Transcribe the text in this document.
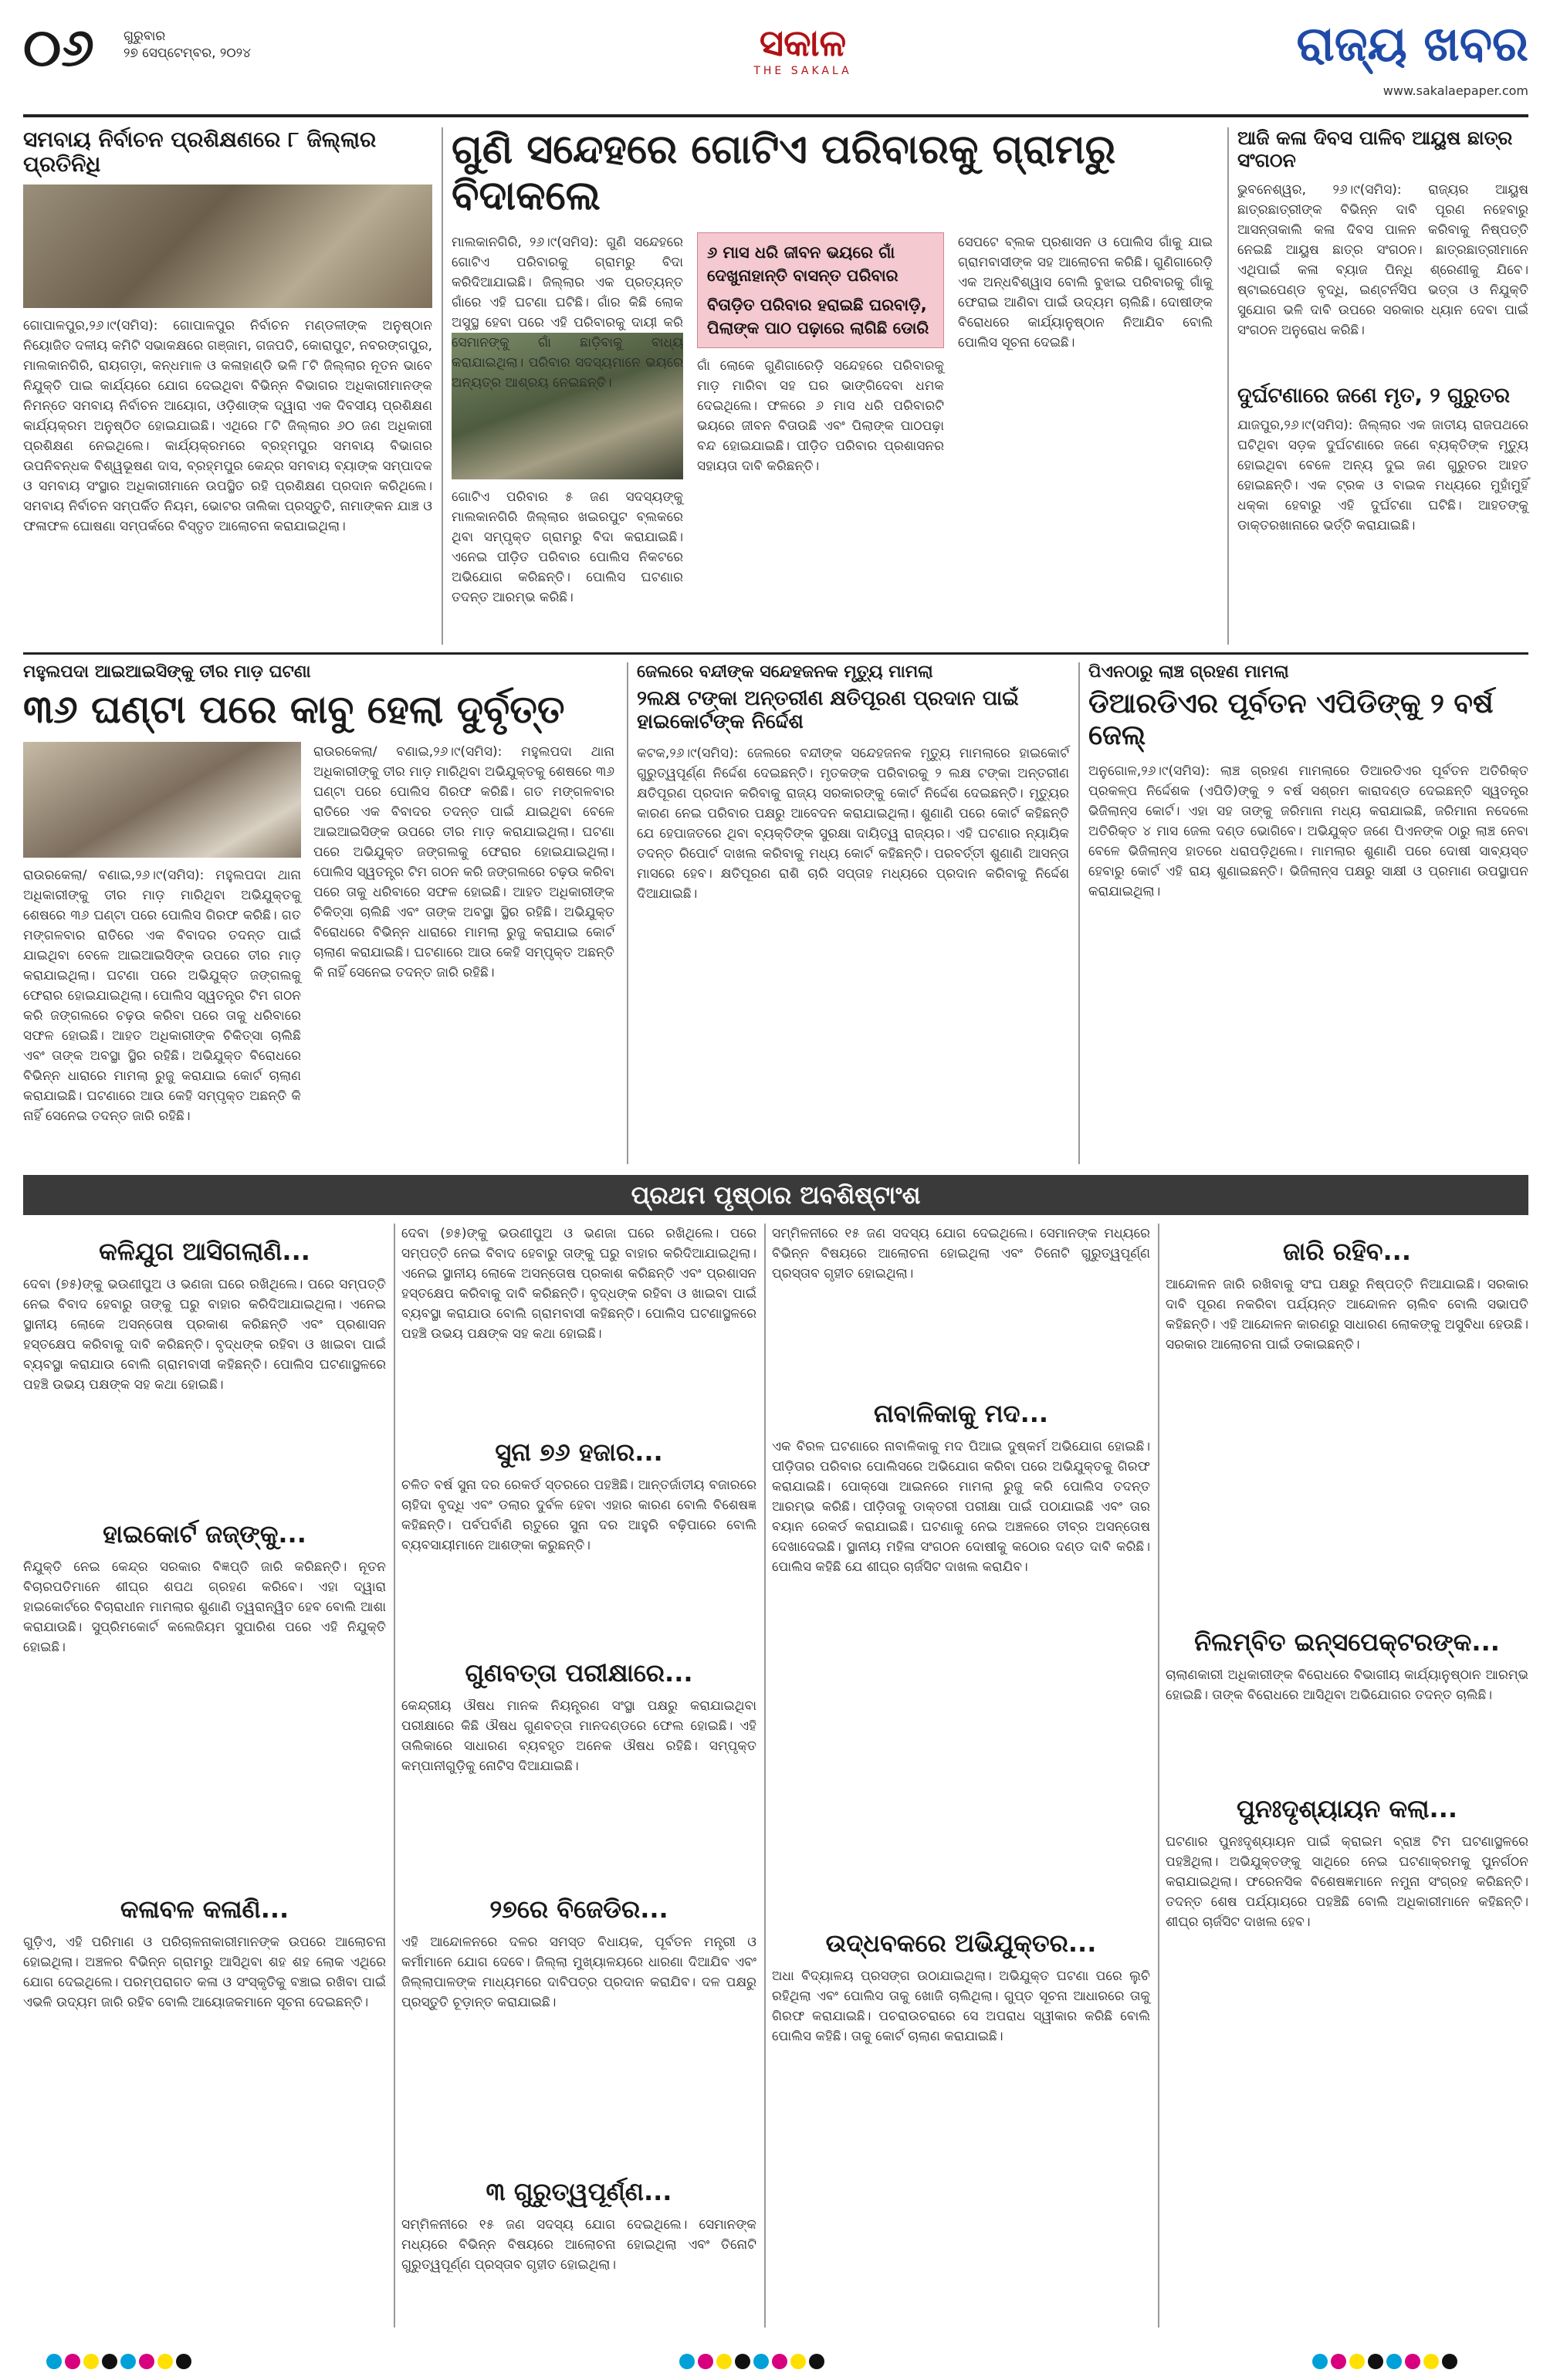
୦୬ ଗୁରୁବାର
୨୭ ସେପ୍ଟେମ୍ବର, ୨୦୨୪	ସକାଳ
THE SAKALA	ରାଜ୍ୟ ଖବର
www.sakalaepaper.com
ସମବାୟ ନିର୍ବାଚନ ପ୍ରଶିକ୍ଷଣରେ ୮ ଜିଲ୍ଲାର ପ୍ରତିନିଧି
ଗୋପାଳପୁର,୨୬।୯(ସମିସ): ଗୋପାଳପୁର ନିର୍ବାଚନ ମଣ୍ଡଳୀଙ୍କ ଅନୁଷ୍ଠାନ ନିୟୋଜିତ ଦଳୀୟ କମିଟି ସଭାକକ୍ଷରେ ଗଞ୍ଜାମ, ଗଜପତି, କୋରାପୁଟ, ନବରଙ୍ଗପୁର, ମାଲକାନଗିରି, ରାୟଗଡ଼ା, କନ୍ଧମାଳ ଓ କଳାହାଣ୍ଡି ଭଳି ୮ଟି ଜିଲ୍ଲାର ନୂତନ ଭାବେ ନିଯୁକ୍ତି ପାଇ କାର୍ଯ୍ୟରେ ଯୋଗ ଦେଇଥିବା ବିଭିନ୍ନ ବିଭାଗର ଅଧିକାରୀମାନଙ୍କ ନିମନ୍ତେ ସମବାୟ ନିର୍ବାଚନ ଆୟୋଗ, ଓଡ଼ିଶାଙ୍କ ଦ୍ୱାରା ଏକ ଦିବସୀୟ ପ୍ରଶିକ୍ଷଣ କାର୍ଯ୍ୟକ୍ରମ ଅନୁଷ୍ଠିତ ହୋଇଯାଇଛି। ଏଥିରେ ୮ଟି ଜିଲ୍ଲାର ୬୦ ଜଣ ଅଧିକାରୀ ପ୍ରଶିକ୍ଷଣ ନେଇଥିଲେ। କାର୍ଯ୍ୟକ୍ରମରେ ବ୍ରହ୍ମପୁର ସମବାୟ ବିଭାଗର ଉପନିବନ୍ଧକ ବିଶ୍ୱଭୂଷଣ ଦାସ, ବ୍ରହ୍ମପୁର କେନ୍ଦ୍ର ସମବାୟ ବ୍ୟାଙ୍କ ସମ୍ପାଦକ ଓ ସମବାୟ ସଂସ୍ଥାର ଅଧିକାରୀମାନେ ଉପସ୍ଥିତ ରହି ପ୍ରଶିକ୍ଷଣ ପ୍ରଦାନ କରିଥିଲେ। ସମବାୟ ନିର୍ବାଚନ ସମ୍ପର୍କିତ ନିୟମ, ଭୋଟର ତାଲିକା ପ୍ରସ୍ତୁତି, ନାମାଙ୍କନ ଯାଞ୍ଚ ଓ ଫଳାଫଳ ଘୋଷଣା ସମ୍ପର୍କରେ ବିସ୍ତୃତ ଆଲୋଚନା କରାଯାଇଥିଲା।
ଗୁଣି ସନ୍ଦେହରେ ଗୋଟିଏ ପରିବାରକୁ ଗ୍ରାମରୁ ବିଦାକଲେ
ମାଲକାନଗିରି, ୨୬।୯(ସମିସ): ଗୁଣି ସନ୍ଦେହରେ ଗୋଟିଏ ପରିବାରକୁ ଗ୍ରାମରୁ ବିଦା କରିଦିଆଯାଇଛି। ଜିଲ୍ଲାର ଏକ ପ୍ରତ୍ୟନ୍ତ ଗାଁରେ ଏହି ଘଟଣା ଘଟିଛି। ଗାଁର କିଛି ଲୋକ ଅସୁସ୍ଥ ହେବା ପରେ ଏହି ପରିବାରକୁ ଦାୟୀ କରି ସେମାନଙ୍କୁ ଗାଁ ଛାଡ଼ିବାକୁ ବାଧ୍ୟ କରାଯାଇଥିଲା। ପରିବାର ସଦସ୍ୟମାନେ ଭୟରେ ଅନ୍ୟତ୍ର ଆଶ୍ରୟ ନେଇଛନ୍ତି।
ଗୋଟିଏ ପରିବାର ୫ ଜଣ ସଦସ୍ୟଙ୍କୁ ମାଲକାନଗିରି ଜିଲ୍ଲାର ଖଇରପୁଟ ବ୍ଲକରେ ଥିବା ସମ୍ପୃକ୍ତ ଗ୍ରାମରୁ ବିଦା କରାଯାଇଛି। ଏନେଇ ପୀଡ଼ିତ ପରିବାର ପୋଲିସ ନିକଟରେ ଅଭିଯୋଗ କରିଛନ୍ତି। ପୋଲିସ ଘଟଣାର ତଦନ୍ତ ଆରମ୍ଭ କରିଛି।
୬ ମାସ ଧରି ଜୀବନ ଭୟରେ ଗାଁ ଦେଖୁନାହାନ୍ତି ବାସନ୍ତ ପରିବାର
ବିତାଡ଼ିତ ପରିବାର ହରାଇଛି ଘରବାଡ଼ି, ପିଲାଙ୍କ ପାଠ ପଢ଼ାରେ ଲାଗିଛି ଡୋରି
ଗାଁ ଲୋକେ ଗୁଣିଗାରେଡ଼ି ସନ୍ଦେହରେ ପରିବାରକୁ ମାଡ଼ ମାରିବା ସହ ଘର ଭାଙ୍ଗିଦେବା ଧମକ ଦେଇଥିଲେ। ଫଳରେ ୬ ମାସ ଧରି ପରିବାରଟି ଭୟରେ ଜୀବନ ବିତାଉଛି ଏବଂ ପିଲାଙ୍କ ପାଠପଢ଼ା ବନ୍ଦ ହୋଇଯାଇଛି। ପୀଡ଼ିତ ପରିବାର ପ୍ରଶାସନର ସହାୟତା ଦାବି କରିଛନ୍ତି।
ସେପଟେ ବ୍ଲକ ପ୍ରଶାସନ ଓ ପୋଲିସ ଗାଁକୁ ଯାଇ ଗ୍ରାମବାସୀଙ୍କ ସହ ଆଲୋଚନା କରିଛି। ଗୁଣିଗାରେଡ଼ି ଏକ ଅନ୍ଧବିଶ୍ୱାସ ବୋଲି ବୁଝାଇ ପରିବାରକୁ ଗାଁକୁ ଫେରାଇ ଆଣିବା ପାଇଁ ଉଦ୍ୟମ ଚାଲିଛି। ଦୋଷୀଙ୍କ ବିରୋଧରେ କାର୍ଯ୍ୟାନୁଷ୍ଠାନ ନିଆଯିବ ବୋଲି ପୋଲିସ ସୂଚନା ଦେଇଛି।
ଆଜି କଳା ଦିବସ ପାଳିବ ଆୟୁଷ ଛାତ୍ର ସଂଗଠନ
ଭୁବନେଶ୍ୱର, ୨୬।୯(ସମିସ): ରାଜ୍ୟର ଆୟୁଷ ଛାତ୍ରଛାତ୍ରୀଙ୍କ ବିଭିନ୍ନ ଦାବି ପୂରଣ ନହେବାରୁ ଆସନ୍ତାକାଲି କଳା ଦିବସ ପାଳନ କରିବାକୁ ନିଷ୍ପତ୍ତି ନେଇଛି ଆୟୁଷ ଛାତ୍ର ସଂଗଠନ। ଛାତ୍ରଛାତ୍ରୀମାନେ ଏଥିପାଇଁ କଳା ବ୍ୟାଜ ପିନ୍ଧି ଶ୍ରେଣୀକୁ ଯିବେ। ଷ୍ଟାଇପେଣ୍ଡ ବୃଦ୍ଧି, ଇଣ୍ଟର୍ନସିପ ଭତ୍ତା ଓ ନିଯୁକ୍ତି ସୁଯୋଗ ଭଳି ଦାବି ଉପରେ ସରକାର ଧ୍ୟାନ ଦେବା ପାଇଁ ସଂଗଠନ ଅନୁରୋଧ କରିଛି।
ଦୁର୍ଘଟଣାରେ ଜଣେ ମୃତ, ୨ ଗୁରୁତର
ଯାଜପୁର,୨୬।୯(ସମିସ): ଜିଲ୍ଲାର ଏକ ଜାତୀୟ ରାଜପଥରେ ଘଟିଥିବା ସଡ଼କ ଦୁର୍ଘଟଣାରେ ଜଣେ ବ୍ୟକ୍ତିଙ୍କ ମୃତ୍ୟୁ ହୋଇଥିବା ବେଳେ ଅନ୍ୟ ଦୁଇ ଜଣ ଗୁରୁତର ଆହତ ହୋଇଛନ୍ତି। ଏକ ଟ୍ରକ ଓ ବାଇକ ମଧ୍ୟରେ ମୁହାଁମୁହିଁ ଧକ୍କା ହେବାରୁ ଏହି ଦୁର୍ଘଟଣା ଘଟିଛି। ଆହତଙ୍କୁ ଡାକ୍ତରଖାନାରେ ଭର୍ତ୍ତି କରାଯାଇଛି।
ମହୁଲପଦା ଆଇଆଇସିଙ୍କୁ ତୀର ମାଡ଼ ଘଟଣା
୩୬ ଘଣ୍ଟା ପରେ କାବୁ ହେଲା ଦୁର୍ବୃତ୍ତ
ରାଉରକେଲା/ ବଣାଇ,୨୬।୯(ସମିସ): ମହୁଲପଦା ଥାନା ଅଧିକାରୀଙ୍କୁ ତୀର ମାଡ଼ ମାରିଥିବା ଅଭିଯୁକ୍ତକୁ ଶେଷରେ ୩୬ ଘଣ୍ଟା ପରେ ପୋଲିସ ଗିରଫ କରିଛି। ଗତ ମଙ୍ଗଳବାର ରାତିରେ ଏକ ବିବାଦର ତଦନ୍ତ ପାଇଁ ଯାଇଥିବା ବେଳେ ଆଇଆଇସିଙ୍କ ଉପରେ ତୀର ମାଡ଼ କରାଯାଇଥିଲା। ଘଟଣା ପରେ ଅଭିଯୁକ୍ତ ଜଙ୍ଗଲକୁ ଫେରାର ହୋଇଯାଇଥିଲା। ପୋଲିସ ସ୍ୱତନ୍ତ୍ର ଟିମ ଗଠନ କରି ଜଙ୍ଗଲରେ ଚଢ଼ଉ କରିବା ପରେ ତାକୁ ଧରିବାରେ ସଫଳ ହୋଇଛି। ଆହତ ଅଧିକାରୀଙ୍କ ଚିକିତ୍ସା ଚାଲିଛି ଏବଂ ତାଙ୍କ ଅବସ୍ଥା ସ୍ଥିର ରହିଛି। ଅଭିଯୁକ୍ତ ବିରୋଧରେ ବିଭିନ୍ନ ଧାରାରେ ମାମଲା ରୁଜୁ କରାଯାଇ କୋର୍ଟ ଚାଲାଣ କରାଯାଇଛି। ଘଟଣାରେ ଆଉ କେହି ସମ୍ପୃକ୍ତ ଅଛନ୍ତି କି ନାହିଁ ସେନେଇ ତଦନ୍ତ ଜାରି ରହିଛି।
ରାଉରକେଲା/ ବଣାଇ,୨୬।୯(ସମିସ): ମହୁଲପଦା ଥାନା ଅଧିକାରୀଙ୍କୁ ତୀର ମାଡ଼ ମାରିଥିବା ଅଭିଯୁକ୍ତକୁ ଶେଷରେ ୩୬ ଘଣ୍ଟା ପରେ ପୋଲିସ ଗିରଫ କରିଛି। ଗତ ମଙ୍ଗଳବାର ରାତିରେ ଏକ ବିବାଦର ତଦନ୍ତ ପାଇଁ ଯାଇଥିବା ବେଳେ ଆଇଆଇସିଙ୍କ ଉପରେ ତୀର ମାଡ଼ କରାଯାଇଥିଲା। ଘଟଣା ପରେ ଅଭିଯୁକ୍ତ ଜଙ୍ଗଲକୁ ଫେରାର ହୋଇଯାଇଥିଲା। ପୋଲିସ ସ୍ୱତନ୍ତ୍ର ଟିମ ଗଠନ କରି ଜଙ୍ଗଲରେ ଚଢ଼ଉ କରିବା ପରେ ତାକୁ ଧରିବାରେ ସଫଳ ହୋଇଛି। ଆହତ ଅଧିକାରୀଙ୍କ ଚିକିତ୍ସା ଚାଲିଛି ଏବଂ ତାଙ୍କ ଅବସ୍ଥା ସ୍ଥିର ରହିଛି। ଅଭିଯୁକ୍ତ ବିରୋଧରେ ବିଭିନ୍ନ ଧାରାରେ ମାମଲା ରୁଜୁ କରାଯାଇ କୋର୍ଟ ଚାଲାଣ କରାଯାଇଛି। ଘଟଣାରେ ଆଉ କେହି ସମ୍ପୃକ୍ତ ଅଛନ୍ତି କି ନାହିଁ ସେନେଇ ତଦନ୍ତ ଜାରି ରହିଛି।
ଜେଲରେ ବନ୍ଦୀଙ୍କ ସନ୍ଦେହଜନକ ମୃତ୍ୟୁ ମାମଲା
୨ଲକ୍ଷ ଟଙ୍କା ଅନ୍ତରୀଣ କ୍ଷତିପୂରଣ ପ୍ରଦାନ ପାଇଁ ହାଇକୋର୍ଟଙ୍କ ନିର୍ଦ୍ଦେଶ
କଟକ,୨୬।୯(ସମିସ): ଜେଲରେ ବନ୍ଦୀଙ୍କ ସନ୍ଦେହଜନକ ମୃତ୍ୟୁ ମାମଲାରେ ହାଇକୋର୍ଟ ଗୁରୁତ୍ୱପୂର୍ଣ୍ଣ ନିର୍ଦ୍ଦେଶ ଦେଇଛନ୍ତି। ମୃତକଙ୍କ ପରିବାରକୁ ୨ ଲକ୍ଷ ଟଙ୍କା ଅନ୍ତରୀଣ କ୍ଷତିପୂରଣ ପ୍ରଦାନ କରିବାକୁ ରାଜ୍ୟ ସରକାରଙ୍କୁ କୋର୍ଟ ନିର୍ଦ୍ଦେଶ ଦେଇଛନ୍ତି। ମୃତ୍ୟୁର କାରଣ ନେଇ ପରିବାର ପକ୍ଷରୁ ଆବେଦନ କରାଯାଇଥିଲା। ଶୁଣାଣି ପରେ କୋର୍ଟ କହିଛନ୍ତି ଯେ ହେପାଜତରେ ଥିବା ବ୍ୟକ୍ତିଙ୍କ ସୁରକ୍ଷା ଦାୟିତ୍ୱ ରାଜ୍ୟର। ଏହି ଘଟଣାର ନ୍ୟାୟିକ ତଦନ୍ତ ରିପୋର୍ଟ ଦାଖଲ କରିବାକୁ ମଧ୍ୟ କୋର୍ଟ କହିଛନ୍ତି। ପରବର୍ତ୍ତୀ ଶୁଣାଣି ଆସନ୍ତା ମାସରେ ହେବ। କ୍ଷତିପୂରଣ ରାଶି ଚାରି ସପ୍ତାହ ମଧ୍ୟରେ ପ୍ରଦାନ କରିବାକୁ ନିର୍ଦ୍ଦେଶ ଦିଆଯାଇଛି।
ପିଏନଠାରୁ ଲାଞ୍ଚ ଗ୍ରହଣ ମାମଲା
ଡିଆରଡିଏର ପୂର୍ବତନ ଏପିଡିଙ୍କୁ ୨ ବର୍ଷ ଜେଲ୍
ଅନୁଗୋଳ,୨୬।୯(ସମିସ): ଲାଞ୍ଚ ଗ୍ରହଣ ମାମଲାରେ ଡିଆରଡିଏର ପୂର୍ବତନ ଅତିରିକ୍ତ ପ୍ରକଳ୍ପ ନିର୍ଦ୍ଦେଶକ (ଏପିଡି)ଙ୍କୁ ୨ ବର୍ଷ ସଶ୍ରମ କାରାଦଣ୍ଡ ଦେଇଛନ୍ତି ସ୍ୱତନ୍ତ୍ର ଭିଜିଲାନ୍ସ କୋର୍ଟ। ଏହା ସହ ତାଙ୍କୁ ଜରିମାନା ମଧ୍ୟ କରାଯାଇଛି, ଜରିମାନା ନଦେଲେ ଅତିରିକ୍ତ ୪ ମାସ ଜେଲ ଦଣ୍ଡ ଭୋଗିବେ। ଅଭିଯୁକ୍ତ ଜଣେ ପିଏନଙ୍କ ଠାରୁ ଲାଞ୍ଚ ନେବା ବେଳେ ଭିଜିଲାନ୍ସ ହାତରେ ଧରାପଡ଼ିଥିଲେ। ମାମଲାର ଶୁଣାଣି ପରେ ଦୋଷୀ ସାବ୍ୟସ୍ତ ହେବାରୁ କୋର୍ଟ ଏହି ରାୟ ଶୁଣାଇଛନ୍ତି। ଭିଜିଲାନ୍ସ ପକ୍ଷରୁ ସାକ୍ଷୀ ଓ ପ୍ରମାଣ ଉପସ୍ଥାପନ କରାଯାଇଥିଲା।
ପ୍ରଥମ ପୃଷ୍ଠାର ଅବଶିଷ୍ଟାଂଶ
କଳିଯୁଗ ଆସିଗଲାଣି...
ଦେବା (୭୫)ଙ୍କୁ ଭଉଣୀପୁଅ ଓ ଭଣଜା ଘରେ ରଖିଥିଲେ। ପରେ ସମ୍ପତ୍ତି ନେଇ ବିବାଦ ହେବାରୁ ତାଙ୍କୁ ଘରୁ ବାହାର କରିଦିଆଯାଇଥିଲା। ଏନେଇ ସ୍ଥାନୀୟ ଲୋକେ ଅସନ୍ତୋଷ ପ୍ରକାଶ କରିଛନ୍ତି ଏବଂ ପ୍ରଶାସନ ହସ୍ତକ୍ଷେପ କରିବାକୁ ଦାବି କରିଛନ୍ତି। ବୃଦ୍ଧଙ୍କ ରହିବା ଓ ଖାଇବା ପାଇଁ ବ୍ୟବସ୍ଥା କରାଯାଉ ବୋଲି ଗ୍ରାମବାସୀ କହିଛନ୍ତି। ପୋଲିସ ଘଟଣାସ୍ଥଳରେ ପହଞ୍ଚି ଉଭୟ ପକ୍ଷଙ୍କ ସହ କଥା ହୋଇଛି।
ହାଇକୋର୍ଟ ଜଜ୍‌ଙ୍କୁ...
ନିଯୁକ୍ତି ନେଇ କେନ୍ଦ୍ର ସରକାର ବିଜ୍ଞପ୍ତି ଜାରି କରିଛନ୍ତି। ନୂତନ ବିଚାରପତିମାନେ ଶୀଘ୍ର ଶପଥ ଗ୍ରହଣ କରିବେ। ଏହା ଦ୍ୱାରା ହାଇକୋର୍ଟରେ ବିଚାରାଧୀନ ମାମଲାର ଶୁଣାଣି ତ୍ୱରାନ୍ୱିତ ହେବ ବୋଲି ଆଶା କରାଯାଉଛି। ସୁପ୍ରିମକୋର୍ଟ କଲେଜିୟମ ସୁପାରିଶ ପରେ ଏହି ନିଯୁକ୍ତି ହୋଇଛି।
କଳାବଳ କଳାଣି...
ଗୁଡ଼ିଏ, ଏହି ପରିମାଣ ଓ ପରିଚାଳନାକାରୀମାନଙ୍କ ଉପରେ ଆଲୋଚନା ହୋଇଥିଲା। ଅଞ୍ଚଳର ବିଭିନ୍ନ ଗ୍ରାମରୁ ଆସିଥିବା ଶହ ଶହ ଲୋକ ଏଥିରେ ଯୋଗ ଦେଇଥିଲେ। ପରମ୍ପରାଗତ କଳା ଓ ସଂସ୍କୃତିକୁ ବଞ୍ଚାଇ ରଖିବା ପାଇଁ ଏଭଳି ଉଦ୍ୟମ ଜାରି ରହିବ ବୋଲି ଆୟୋଜକମାନେ ସୂଚନା ଦେଇଛନ୍ତି।
ଦେବା (୭୫)ଙ୍କୁ ଭଉଣୀପୁଅ ଓ ଭଣଜା ଘରେ ରଖିଥିଲେ। ପରେ ସମ୍ପତ୍ତି ନେଇ ବିବାଦ ହେବାରୁ ତାଙ୍କୁ ଘରୁ ବାହାର କରିଦିଆଯାଇଥିଲା। ଏନେଇ ସ୍ଥାନୀୟ ଲୋକେ ଅସନ୍ତୋଷ ପ୍ରକାଶ କରିଛନ୍ତି ଏବଂ ପ୍ରଶାସନ ହସ୍ତକ୍ଷେପ କରିବାକୁ ଦାବି କରିଛନ୍ତି। ବୃଦ୍ଧଙ୍କ ରହିବା ଓ ଖାଇବା ପାଇଁ ବ୍ୟବସ୍ଥା କରାଯାଉ ବୋଲି ଗ୍ରାମବାସୀ କହିଛନ୍ତି। ପୋଲିସ ଘଟଣାସ୍ଥଳରେ ପହଞ୍ଚି ଉଭୟ ପକ୍ଷଙ୍କ ସହ କଥା ହୋଇଛି।
ସୁନା ୭୬ ହଜାର...
ଚଳିତ ବର୍ଷ ସୁନା ଦର ରେକର୍ଡ ସ୍ତରରେ ପହଞ୍ଚିଛି। ଆନ୍ତର୍ଜାତୀୟ ବଜାରରେ ଚାହିଦା ବୃଦ୍ଧି ଏବଂ ଡଲାର ଦୁର୍ବଳ ହେବା ଏହାର କାରଣ ବୋଲି ବିଶେଷଜ୍ଞ କହିଛନ୍ତି। ପର୍ବପର୍ବାଣି ଋତୁରେ ସୁନା ଦର ଆହୁରି ବଢ଼ିପାରେ ବୋଲି ବ୍ୟବସାୟୀମାନେ ଆଶଙ୍କା କରୁଛନ୍ତି।
ଗୁଣବତ୍ତା ପରୀକ୍ଷାରେ...
କେନ୍ଦ୍ରୀୟ ଔଷଧ ମାନକ ନିୟନ୍ତ୍ରଣ ସଂସ୍ଥା ପକ୍ଷରୁ କରାଯାଇଥିବା ପରୀକ୍ଷାରେ କିଛି ଔଷଧ ଗୁଣବତ୍ତା ମାନଦଣ୍ଡରେ ଫେଲ ହୋଇଛି। ଏହି ତାଲିକାରେ ସାଧାରଣ ବ୍ୟବହୃତ ଅନେକ ଔଷଧ ରହିଛି। ସମ୍ପୃକ୍ତ କମ୍ପାନୀଗୁଡ଼ିକୁ ନୋଟିସ ଦିଆଯାଇଛି।
୨୭ରେ ବିଜେଡିର...
ଏହି ଆନ୍ଦୋଳନରେ ଦଳର ସମସ୍ତ ବିଧାୟକ, ପୂର୍ବତନ ମନ୍ତ୍ରୀ ଓ କର୍ମୀମାନେ ଯୋଗ ଦେବେ। ଜିଲ୍ଲା ମୁଖ୍ୟାଳୟରେ ଧାରଣା ଦିଆଯିବ ଏବଂ ଜିଲ୍ଲାପାଳଙ୍କ ମାଧ୍ୟମରେ ଦାବିପତ୍ର ପ୍ରଦାନ କରାଯିବ। ଦଳ ପକ୍ଷରୁ ପ୍ରସ୍ତୁତି ଚୂଡ଼ାନ୍ତ କରାଯାଇଛି।
୩ ଗୁରୁତ୍ୱପୂର୍ଣ୍ଣ...
ସମ୍ମିଳନୀରେ ୧୫ ଜଣ ସଦସ୍ୟ ଯୋଗ ଦେଇଥିଲେ। ସେମାନଙ୍କ ମଧ୍ୟରେ ବିଭିନ୍ନ ବିଷୟରେ ଆଲୋଚନା ହୋଇଥିଲା ଏବଂ ତିନୋଟି ଗୁରୁତ୍ୱପୂର୍ଣ୍ଣ ପ୍ରସ୍ତାବ ଗୃହୀତ ହୋଇଥିଲା।
ସମ୍ମିଳନୀରେ ୧୫ ଜଣ ସଦସ୍ୟ ଯୋଗ ଦେଇଥିଲେ। ସେମାନଙ୍କ ମଧ୍ୟରେ ବିଭିନ୍ନ ବିଷୟରେ ଆଲୋଚନା ହୋଇଥିଲା ଏବଂ ତିନୋଟି ଗୁରୁତ୍ୱପୂର୍ଣ୍ଣ ପ୍ରସ୍ତାବ ଗୃହୀତ ହୋଇଥିଲା।
ନାବାଳିକାକୁ ମଦ...
ଏକ ବିରଳ ଘଟଣାରେ ନାବାଳିକାକୁ ମଦ ପିଆଇ ଦୁଷ୍କର୍ମ ଅଭିଯୋଗ ହୋଇଛି। ପୀଡ଼ିତାର ପରିବାର ପୋଲିସରେ ଅଭିଯୋଗ କରିବା ପରେ ଅଭିଯୁକ୍ତକୁ ଗିରଫ କରାଯାଇଛି। ପୋକ୍ସୋ ଆଇନରେ ମାମଲା ରୁଜୁ କରି ପୋଲିସ ତଦନ୍ତ ଆରମ୍ଭ କରିଛି। ପୀଡ଼ିତାକୁ ଡାକ୍ତରୀ ପରୀକ୍ଷା ପାଇଁ ପଠାଯାଇଛି ଏବଂ ତାର ବୟାନ ରେକର୍ଡ କରାଯାଇଛି। ଘଟଣାକୁ ନେଇ ଅଞ୍ଚଳରେ ତୀବ୍ର ଅସନ୍ତୋଷ ଦେଖାଦେଇଛି। ସ୍ଥାନୀୟ ମହିଳା ସଂଗଠନ ଦୋଷୀକୁ କଠୋର ଦଣ୍ଡ ଦାବି କରିଛି। ପୋଲିସ କହିଛି ଯେ ଶୀଘ୍ର ଚାର୍ଜସିଟ ଦାଖଲ କରାଯିବ।
ଉଦ୍ଧବକରେ ଅଭିଯୁକ୍ତର...
ଅଧା ବିଦ୍ୟାଳୟ ପ୍ରସଙ୍ଗ ଉଠାଯାଇଥିଲା। ଅଭିଯୁକ୍ତ ଘଟଣା ପରେ ଲୁଚି ରହିଥିଲା ଏବଂ ପୋଲିସ ତାକୁ ଖୋଜି ଚାଲିଥିଲା। ଗୁପ୍ତ ସୂଚନା ଆଧାରରେ ତାକୁ ଗିରଫ କରାଯାଇଛି। ପଚରାଉଚରାରେ ସେ ଅପରାଧ ସ୍ୱୀକାର କରିଛି ବୋଲି ପୋଲିସ କହିଛି। ତାକୁ କୋର୍ଟ ଚାଲାଣ କରାଯାଇଛି।
ଜାରି ରହିବ...
ଆନ୍ଦୋଳନ ଜାରି ରଖିବାକୁ ସଂଘ ପକ୍ଷରୁ ନିଷ୍ପତ୍ତି ନିଆଯାଇଛି। ସରକାର ଦାବି ପୂରଣ ନକରିବା ପର୍ଯ୍ୟନ୍ତ ଆନ୍ଦୋଳନ ଚାଲିବ ବୋଲି ସଭାପତି କହିଛନ୍ତି। ଏହି ଆନ୍ଦୋଳନ କାରଣରୁ ସାଧାରଣ ଲୋକଙ୍କୁ ଅସୁବିଧା ହେଉଛି। ସରକାର ଆଲୋଚନା ପାଇଁ ଡକାଇଛନ୍ତି।
ନିଲମ୍ବିତ ଇନ୍ସପେକ୍ଟରଙ୍କ...
ଚାଲାଣକାରୀ ଅଧିକାରୀଙ୍କ ବିରୋଧରେ ବିଭାଗୀୟ କାର୍ଯ୍ୟାନୁଷ୍ଠାନ ଆରମ୍ଭ ହୋଇଛି। ତାଙ୍କ ବିରୋଧରେ ଆସିଥିବା ଅଭିଯୋଗର ତଦନ୍ତ ଚାଲିଛି।
ପୁନଃଦୃଶ୍ୟାୟନ କଲା...
ଘଟଣାର ପୁନଃଦୃଶ୍ୟାୟନ ପାଇଁ କ୍ରାଇମ ବ୍ରାଞ୍ଚ ଟିମ ଘଟଣାସ୍ଥଳରେ ପହଞ୍ଚିଥିଲା। ଅଭିଯୁକ୍ତଙ୍କୁ ସାଥିରେ ନେଇ ଘଟଣାକ୍ରମକୁ ପୁନର୍ଗଠନ କରାଯାଇଥିଲା। ଫରେନସିକ ବିଶେଷଜ୍ଞମାନେ ନମୁନା ସଂଗ୍ରହ କରିଛନ୍ତି। ତଦନ୍ତ ଶେଷ ପର୍ଯ୍ୟାୟରେ ପହଞ୍ଚିଛି ବୋଲି ଅଧିକାରୀମାନେ କହିଛନ୍ତି। ଶୀଘ୍ର ଚାର୍ଜସିଟ ଦାଖଲ ହେବ।
